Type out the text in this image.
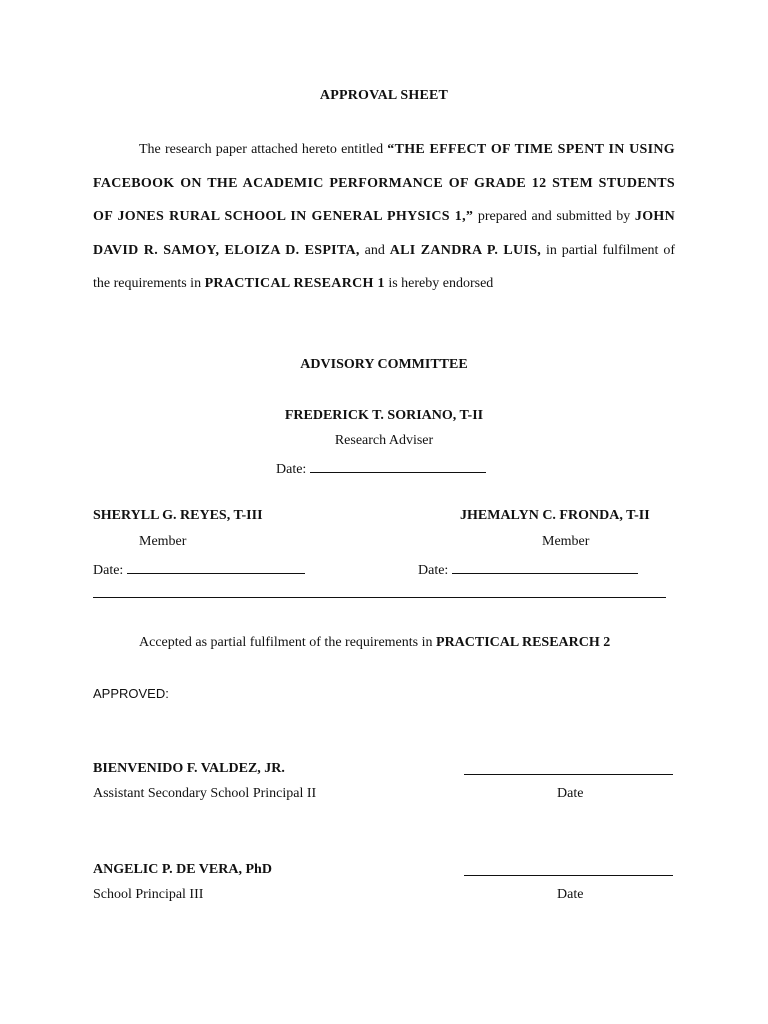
APPROVAL SHEET
The research paper attached hereto entitled “THE EFFECT OF TIME SPENT IN USING FACEBOOK ON THE ACADEMIC PERFORMANCE OF GRADE 12 STEM STUDENTS OF JONES RURAL SCHOOL IN GENERAL PHYSICS 1,” prepared and submitted by JOHN DAVID R. SAMOY, ELOIZA D. ESPITA, and ALI ZANDRA P. LUIS, in partial fulfilment of the requirements in PRACTICAL RESEARCH 1 is hereby endorsed
ADVISORY COMMITTEE
FREDERICK T. SORIANO, T-II
Research Adviser
Date:
SHERYLL G. REYES, T-III
Member
Date:
JHEMALYN C. FRONDA, T-II
Member
Date:
Accepted as partial fulfilment of the requirements in PRACTICAL RESEARCH 2
APPROVED:
BIENVENIDO F. VALDEZ, JR.
Assistant Secondary School Principal II	Date
ANGELIC P. DE VERA, PhD
School Principal III	Date
